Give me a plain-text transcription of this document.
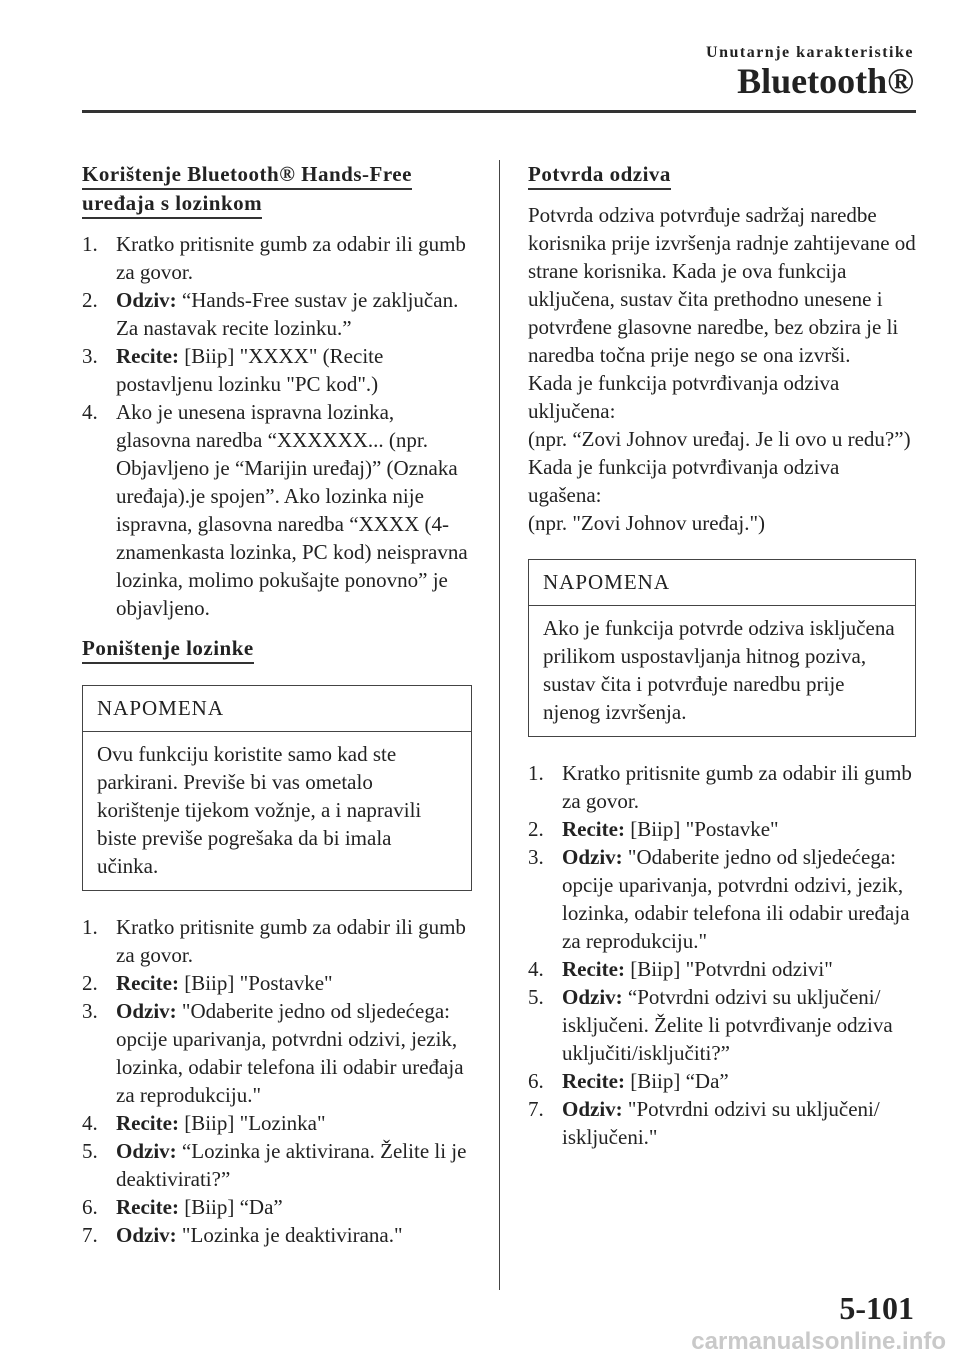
Unutarnje karakteristike
Bluetooth®
Korištenje Bluetooth® Hands-Free
uređaja s lozinkom
1. Kratko pritisnite gumb za odabir ili gumb za govor.
2. Odziv: “Hands-Free sustav je zaključan. Za nastavak recite lozinku.”
3. Recite: [Biip] "XXXX" (Recite postavljenu lozinku "PC kod".)
4. Ako je unesena ispravna lozinka, glasovna naredba “XXXXXX... (npr. Objavljeno je “Marijin uređaj)” (Oznaka uređaja).je spojen”. Ako lozinka nije ispravna, glasovna naredba “XXXX (4-znamenkasta lozinka, PC kod) neispravna lozinka, molimo pokušajte ponovno” je objavljeno.
Poništenje lozinke
NAPOMENA
Ovu funkciju koristite samo kad ste parkirani. Previše bi vas ometalo korištenje tijekom vožnje, a i napravili biste previše pogrešaka da bi imala učinka.
1. Kratko pritisnite gumb za odabir ili gumb za govor.
2. Recite: [Biip] "Postavke"
3. Odziv: "Odaberite jedno od sljedećega: opcije uparivanja, potvrdni odzivi, jezik, lozinka, odabir telefona ili odabir uređaja za reprodukciju."
4. Recite: [Biip] "Lozinka"
5. Odziv: “Lozinka je aktivirana. Želite li je deaktivirati?”
6. Recite: [Biip] “Da”
7. Odziv: "Lozinka je deaktivirana."
Potvrda odziva

Potvrda odziva potvrđuje sadržaj naredbe korisnika prije izvršenja radnje zahtijevane od strane korisnika. Kada je ova funkcija uključena, sustav čita prethodno unesene i potvrđene glasovne naredbe, bez obzira je li naredba točna prije nego se ona izvrši.

Kada je funkcija potvrđivanja odziva uključena:

(npr. “Zovi Johnov uređaj. Je li ovo u redu?”)

Kada je funkcija potvrđivanja odziva ugašena:

(npr. "Zovi Johnov uređaj.")

NAPOMENA
Ako je funkcija potvrde odziva isključena prilikom uspostavljanja hitnog poziva, sustav čita i potvrđuje naredbu prije njenog izvršenja.
1. Kratko pritisnite gumb za odabir ili gumb za govor.
2. Recite: [Biip] "Postavke"
3. Odziv: "Odaberite jedno od sljedećega: opcije uparivanja, potvrdni odzivi, jezik, lozinka, odabir telefona ili odabir uređaja za reprodukciju."
4. Recite: [Biip] "Potvrdni odzivi"
5. Odziv: “Potvrdni odzivi su uključeni/ isključeni. Želite li potvrđivanje odziva uključiti/isključiti?”
6. Recite: [Biip] “Da”
7. Odziv: "Potvrdni odzivi su uključeni/ isključeni."
5-101
carmanualsonline.info
